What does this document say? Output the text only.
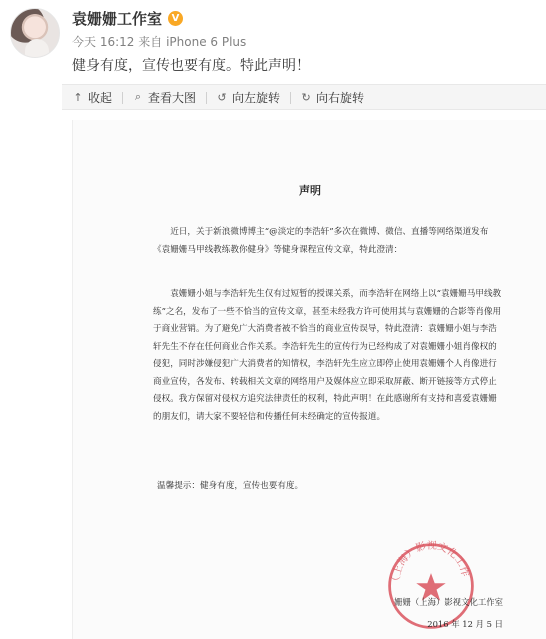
袁姗姗工作室 V
今天 16:12 来自 iPhone 6 Plus
健身有度，宣传也要有度。特此声明！
↑ 收起 ⌕ 查看大图 ↺ 向左旋转 ↻ 向右旋转
声明
近日，关于新浪微博博主“@淡定的李浩轩”多次在微博、微信、直播等网络渠道发布《袁姗姗马甲线教练教你健身》等健身课程宣传文章，特此澄清：
袁姗姗小姐与李浩轩先生仅有过短暂的授课关系，而李浩轩在网络上以“袁姗姗马甲线教练”之名，发布了一些不恰当的宣传文章，甚至未经我方许可使用其与袁姗姗的合影等肖像用于商业营销。为了避免广大消费者被不恰当的商业宣传误导，特此澄清：袁姗姗小姐与李浩轩先生不存在任何商业合作关系。李浩轩先生的宣传行为已经构成了对袁姗姗小姐肖像权的侵犯，同时涉嫌侵犯广大消费者的知情权，李浩轩先生应立即停止使用袁姗姗个人肖像进行商业宣传，各发布、转载相关文章的网络用户及媒体应立即采取屏蔽、断开链接等方式停止侵权。我方保留对侵权方追究法律责任的权利，特此声明！在此感谢所有支持和喜爱袁姗姗的朋友们，请大家不要轻信和传播任何未经确定的宣传报道。
温馨提示：健身有度，宣传也要有度。
（上海）影视文化工作
姗姗（上海）影视文化工作室
2016 年 12 月 5 日
